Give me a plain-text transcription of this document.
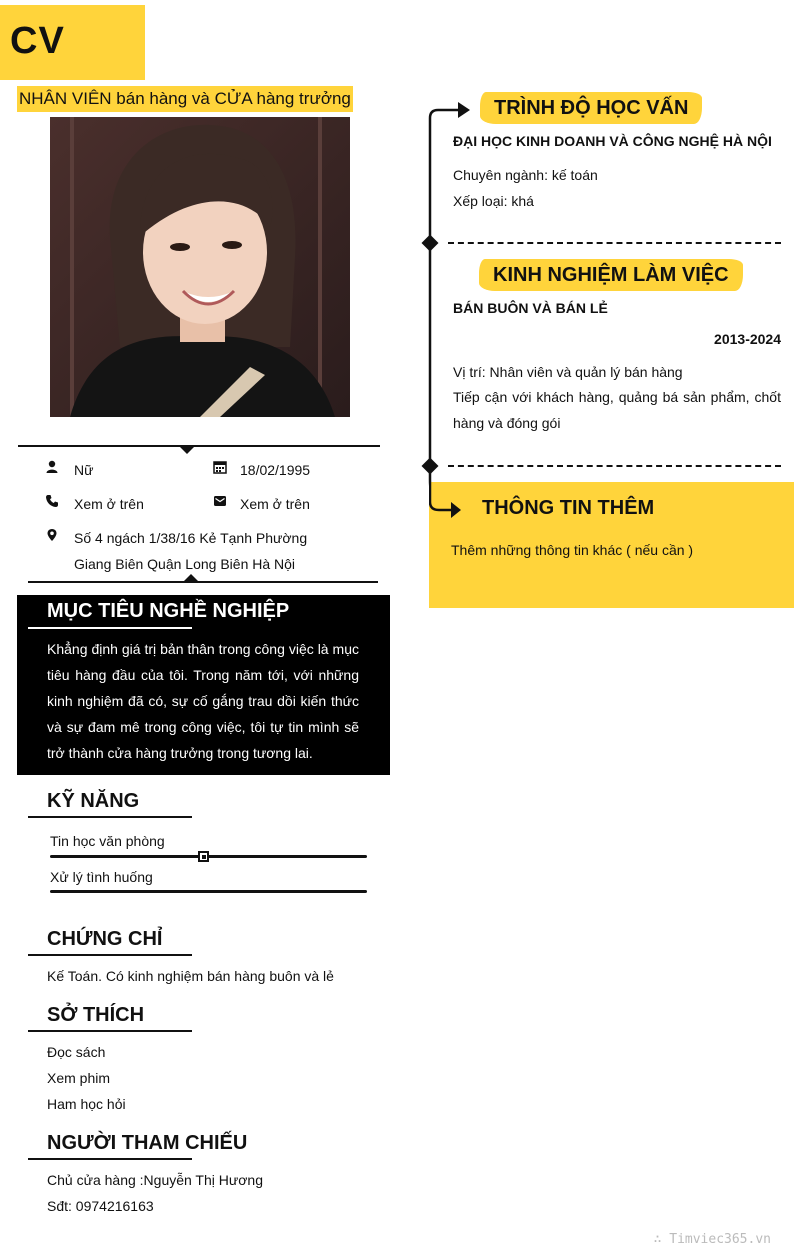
CV
NHÂN VIÊN bán hàng và CỬA hàng trưởng
Nữ	18/02/1995
Xem ở trên	Xem ở trên
Số 4 ngách 1/38/16 Kẻ Tạnh Phường
Giang Biên Quận Long Biên Hà Nội
MỤC TIÊU NGHỀ NGHIỆP
Khẳng định giá trị bản thân trong công việc là mục tiêu hàng đầu của tôi. Trong năm tới, với những kinh nghiệm đã có, sự cố gắng trau dồi kiến thức và sự đam mê trong công việc, tôi tự tin mình sẽ trở thành cửa hàng trưởng trong tương lai.
KỸ NĂNG
Tin học văn phòng
Xử lý tình huống
CHỨNG CHỈ
Kế Toán. Có kinh nghiệm bán hàng buôn và lẻ
SỞ THÍCH
Đọc sách
Xem phim
Ham học hỏi
NGƯỜI THAM CHIẾU
Chủ cửa hàng :Nguyễn Thị Hương
Sđt: 0974216163
TRÌNH ĐỘ HỌC VẤN
ĐẠI HỌC KINH DOANH VÀ CÔNG NGHỆ HÀ NỘI
Chuyên ngành: kế toán
Xếp loại: khá
KINH NGHIỆM LÀM VIỆC
BÁN BUÔN VÀ BÁN LẺ
2013-2024
Vị trí: Nhân viên và quản lý bán hàng
Tiếp cận với khách hàng, quảng bá sản phẩm, chốt hàng và đóng gói
THÔNG TIN THÊM
Thêm những thông tin khác ( nếu cần )
∴ Timviec365.vn
